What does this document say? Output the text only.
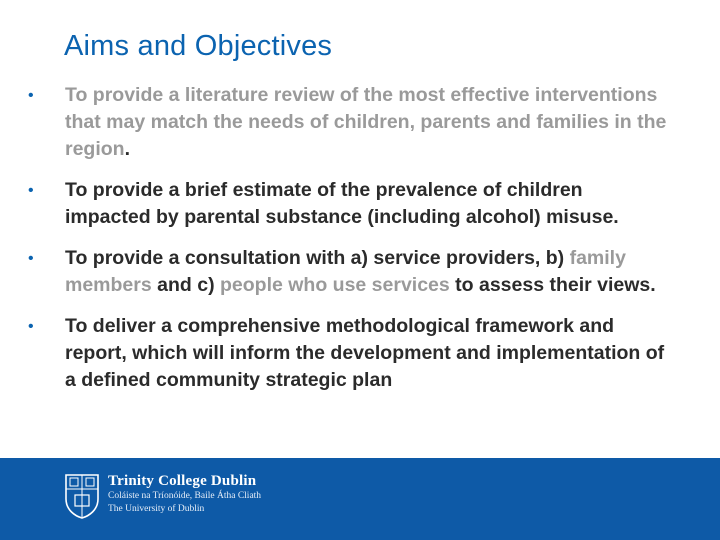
Aims and Objectives
• To provide a literature review of the most effective interventions that may match the needs of children, parents and families in the region.
• To provide a brief estimate of the prevalence of children impacted by parental substance (including alcohol) misuse.
• To provide a consultation with a) service providers, b) family members and c) people who use services to assess their views.
• To deliver a comprehensive methodological framework and report, which will inform the development and implementation of a defined community strategic plan
Trinity College Dublin
Coláiste na Tríonóide, Baile Átha Cliath
The University of Dublin
